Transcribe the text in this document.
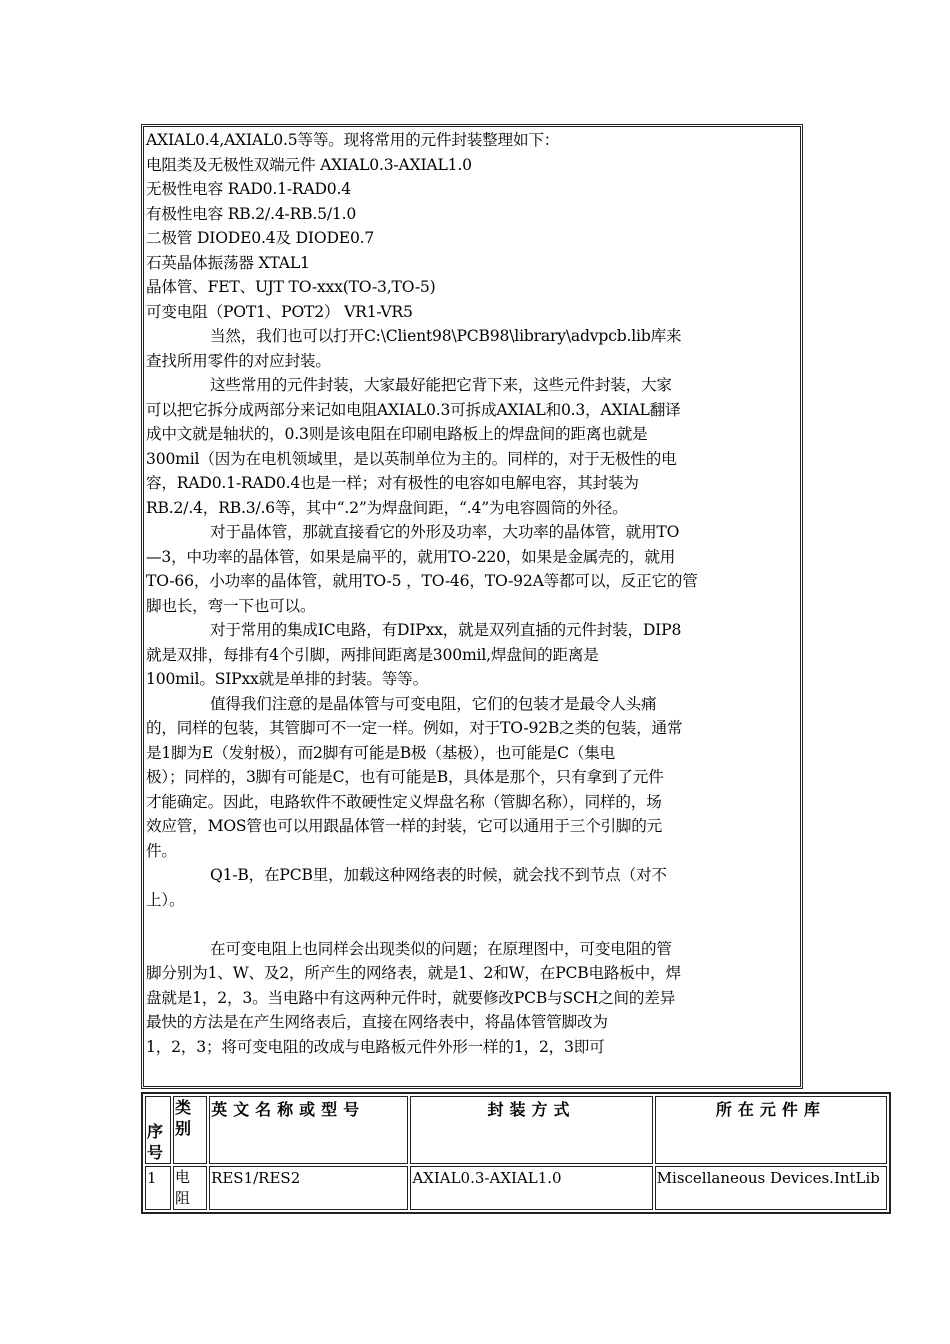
AXIAL0.4,AXIAL0.5等等。现将常用的元件封装整理如下：

电阻类及无极性双端元件 AXIAL0.3-AXIAL1.0

无极性电容 RAD0.1-RAD0.4

有极性电容 RB.2/.4-RB.5/1.0

二极管 DIODE0.4及 DIODE0.7

石英晶体振荡器 XTAL1

晶体管、FET、UJT TO-xxx(TO-3,TO-5)

可变电阻（POT1、POT2） VR1-VR5

当然，我们也可以打开C:\Client98\PCB98\library\advpcb.lib库来

查找所用零件的对应封装。

这些常用的元件封装，大家最好能把它背下来，这些元件封装，大家

可以把它拆分成两部分来记如电阻AXIAL0.3可拆成AXIAL和0.3，AXIAL翻译

成中文就是轴状的，0.3则是该电阻在印刷电路板上的焊盘间的距离也就是

300mil（因为在电机领域里，是以英制单位为主的。同样的，对于无极性的电

容，RAD0.1-RAD0.4也是一样；对有极性的电容如电解电容，其封装为

RB.2/.4，RB.3/.6等，其中“.2”为焊盘间距，“.4”为电容圆筒的外径。

对于晶体管，那就直接看它的外形及功率，大功率的晶体管，就用TO

—3，中功率的晶体管，如果是扁平的，就用TO-220，如果是金属壳的，就用

TO-66，小功率的晶体管，就用TO-5 ，TO-46，TO-92A等都可以，反正它的管

脚也长，弯一下也可以。

对于常用的集成IC电路，有DIPxx，就是双列直插的元件封装，DIP8

就是双排，每排有4个引脚，两排间距离是300mil,焊盘间的距离是

100mil。SIPxx就是单排的封装。等等。

值得我们注意的是晶体管与可变电阻，它们的包装才是最令人头痛

的，同样的包装，其管脚可不一定一样。例如，对于TO-92B之类的包装，通常

是1脚为E（发射极），而2脚有可能是B极（基极），也可能是C（集电

极）；同样的，3脚有可能是C，也有可能是B，具体是那个，只有拿到了元件

才能确定。因此，电路软件不敢硬性定义焊盘名称（管脚名称），同样的，场

效应管，MOS管也可以用跟晶体管一样的封装，它可以通用于三个引脚的元

件。

Q1-B，在PCB里，加载这种网络表的时候，就会找不到节点（对不

上）。

在可变电阻上也同样会出现类似的问题；在原理图中，可变电阻的管

脚分别为1、W、及2，所产生的网络表，就是1、2和W，在PCB电路板中，焊

盘就是1，2，3。当电路中有这两种元件时，就要修改PCB与SCH之间的差异

最快的方法是在产生网络表后，直接在网络表中，将晶体管管脚改为

1，2，3；将可变电阻的改成与电路板元件外形一样的1，2，3即可

序号	类别	英文名称或型号	封装方式	所在元件库
1	电阻	RES1/RES2	AXIAL0.3-AXIAL1.0	Miscellaneous Devices.IntLib
